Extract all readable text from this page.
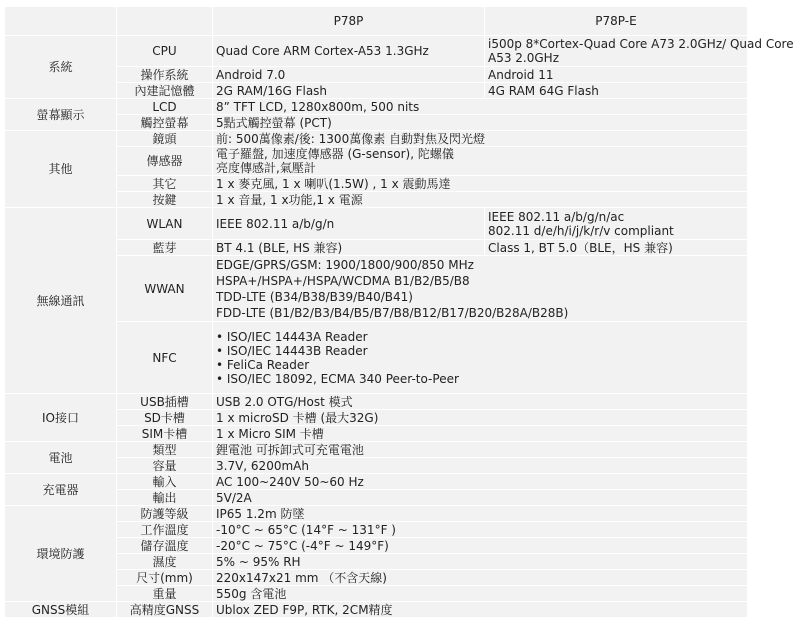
		P78P	P78P-E
系統	CPU	Quad Core ARM Cortex-A53 1.3GHz	i500p 8*Cortex-Quad Core A73 2.0GHz/ Quad Core
A53 2.0GHz

	操作系統	Android 7.0	Android 11
	內建記憶體	2G RAM/16G Flash	4G RAM 64G Flash
螢幕顯示	LCD	8” TFT LCD, 1280x800m, 500 nits	
	觸控螢幕	5點式觸控螢幕 (PCT)	
其他	鏡頭	前: 500萬像素/後: 1300萬像素 自動對焦及閃光燈	
	傳感器	電子羅盤, 加速度傳感器 (G-sensor), 陀螺儀
亮度傳感計,氣壓計	

	其它	1 x 麥克風, 1 x 喇叭(1.5W) , 1 x 震動馬達	
	按鍵	1 x 音量, 1 x功能,1 x 電源	
無線通訊	WLAN	IEEE 802.11 a/b/g/n	IEEE 802.11 a/b/g/n/ac
802.11 d/e/h/i/j/k/r/v compliant

	藍芽	BT 4.1 (BLE, HS 兼容)	Class 1, BT 5.0（BLE，HS 兼容)
	WWAN	EDGE/GPRS/GSM: 1900/1800/900/850 MHz
HSPA+/HSPA+/HSPA/WCDMA B1/B2/B5/B8
TDD-LTE (B34/B38/B39/B40/B41)
FDD-LTE (B1/B2/B3/B4/B5/B7/B8/B12/B17/B20/B28A/B28B)	

	NFC	• ISO/IEC 14443A Reader
• ISO/IEC 14443B Reader
• FeliCa Reader
• ISO/IEC 18092, ECMA 340 Peer-to-Peer	

IO接口	USB插槽	USB 2.0 OTG/Host 模式	
	SD卡槽	1 x microSD 卡槽 (最大32G)	
	SIM卡槽	1 x Micro SIM 卡槽	
電池	類型	鋰電池 可拆卸式可充電電池	
	容量	3.7V, 6200mAh	
充電器	輸入	AC 100~240V 50~60 Hz	
	輸出	5V/2A	
環境防護	防護等級	IP65 1.2m 防墜	
	工作溫度	-10°C ~ 65°C (14°F ~ 131°F )	
	儲存溫度	-20°C ~ 75°C (-4°F ~ 149°F)	
	濕度	5% ~ 95% RH	
	尺寸(mm)	220x147x21 mm （不含天線)	
	重量	550g 含電池	
GNSS模組	高精度GNSS	Ublox ZED F9P, RTK, 2CM精度	
